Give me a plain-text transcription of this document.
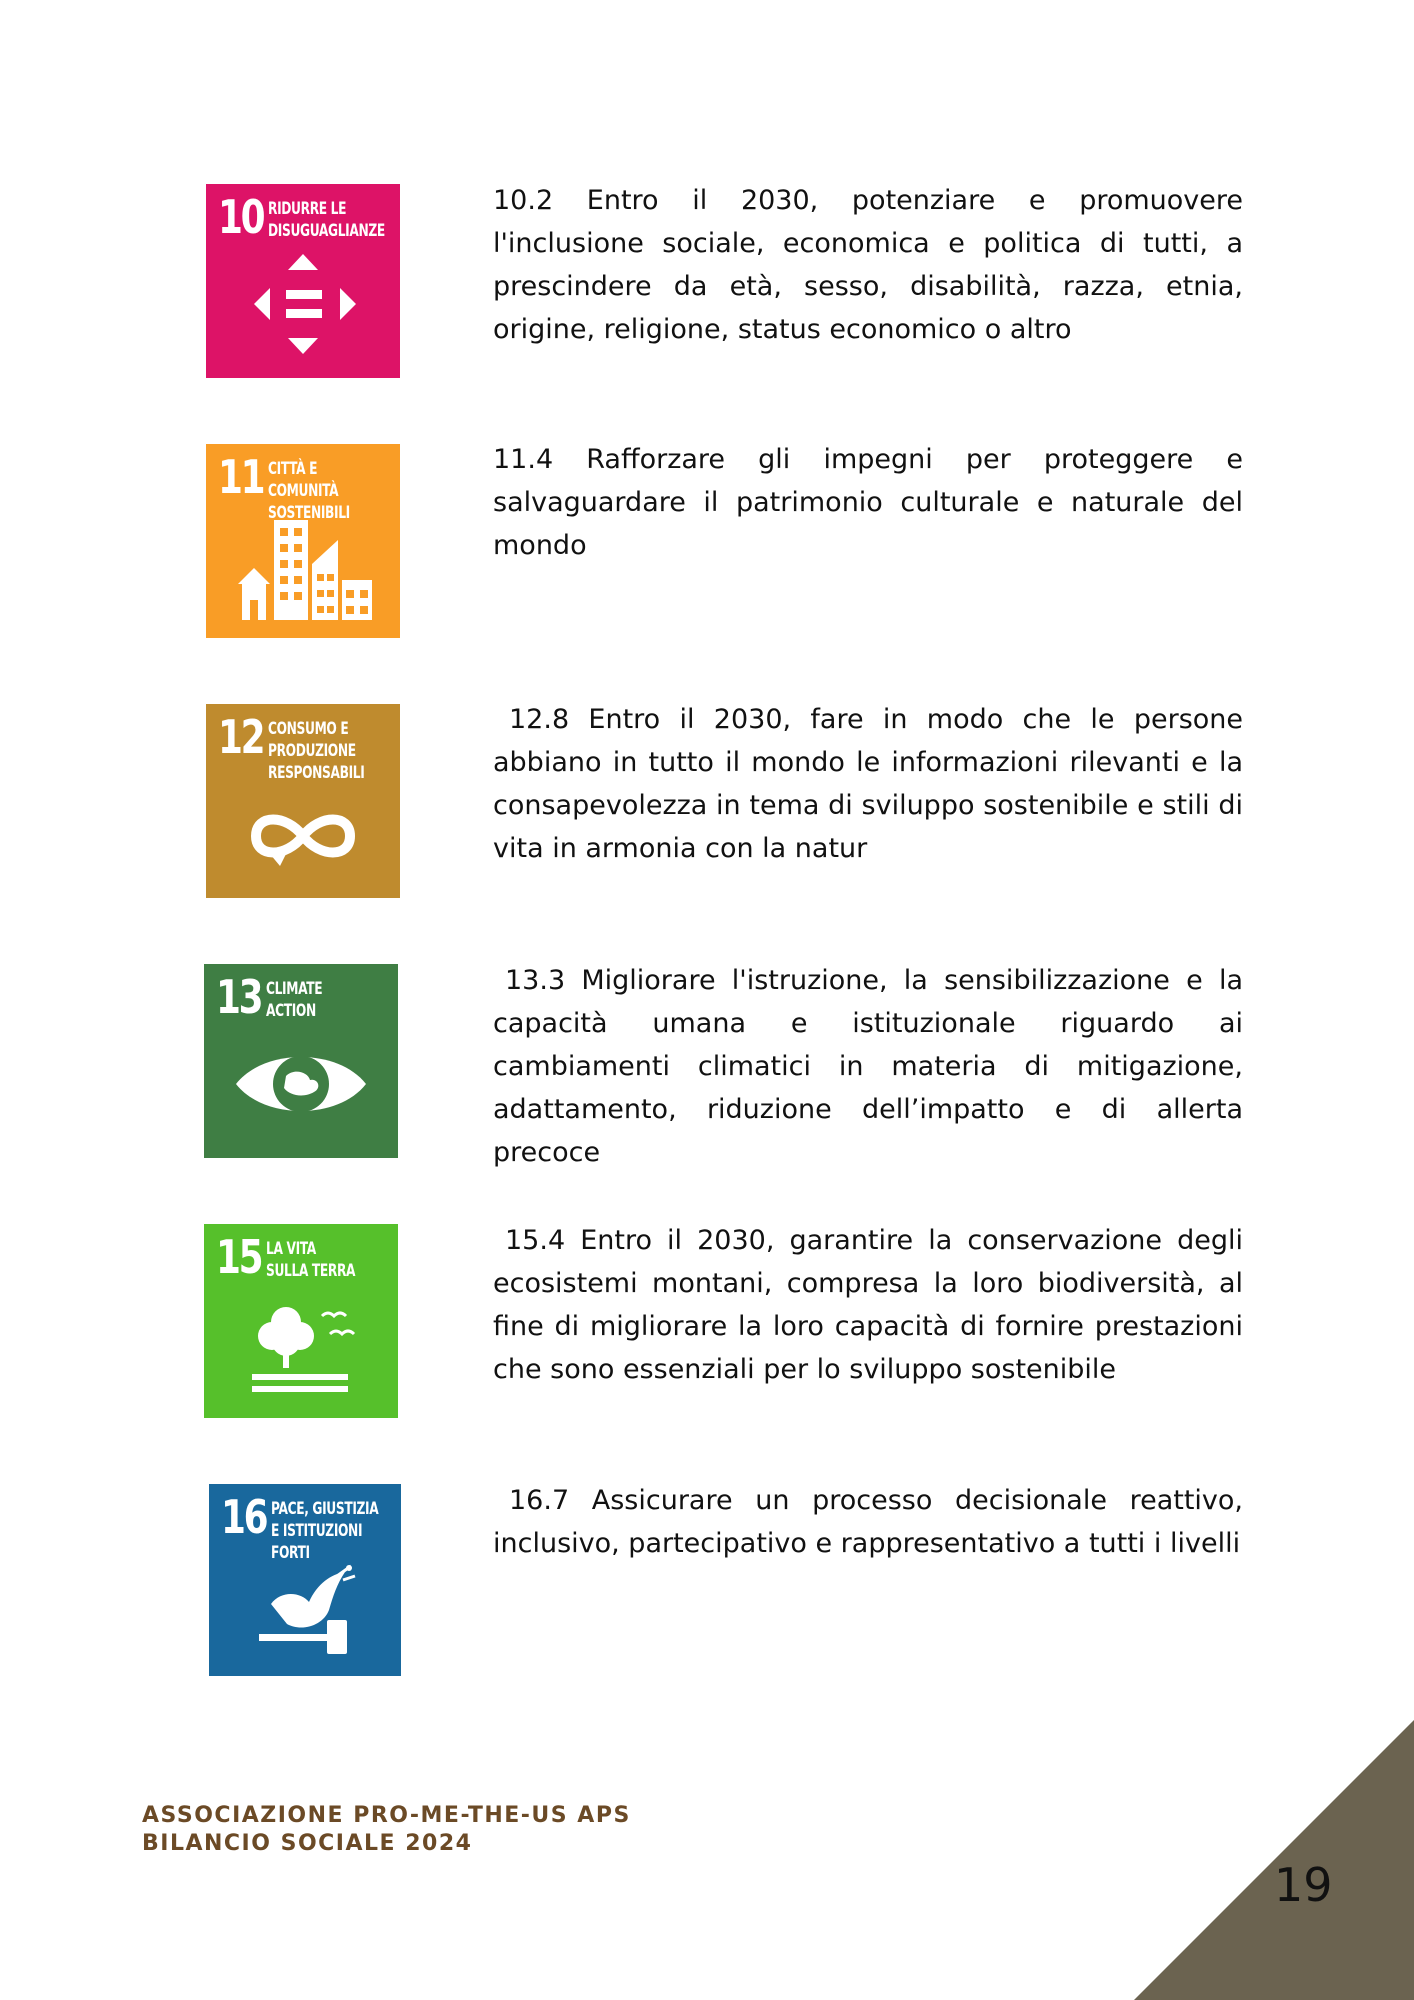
10 RIDURRE LE
DISUGUAGLIANZE

10.2 Entro il 2030, potenziare e promuovere l'inclusione sociale, economica e politica di tutti, a prescindere da età, sesso, disabilità, razza, etnia, origine, religione, status economico o altro

11 CITTÀ E COMUNITÀ
SOSTENIBILI

11.4 Rafforzare gli impegni per proteggere e salvaguardare il patrimonio culturale e naturale del mondo

12 CONSUMO E
PRODUZIONE
RESPONSABILI

12.8 Entro il 2030, fare in modo che le persone abbiano in tutto il mondo le informazioni rilevanti e la consapevolezza in tema di sviluppo sostenibile e stili di vita in armonia con la natur

13 CLIMATE
ACTION

13.3 Migliorare l'istruzione, la sensibilizzazione e la capacità umana e istituzionale riguardo ai cambiamenti climatici in materia di mitigazione, adattamento, riduzione dell’impatto e di allerta precoce

15 LA VITA
SULLA TERRA

15.4 Entro il 2030, garantire la conservazione degli ecosistemi montani, compresa la loro biodiversità, al fine di migliorare la loro capacità di fornire prestazioni che sono essenziali per lo sviluppo sostenibile

16 PACE, GIUSTIZIA
E ISTITUZIONI
FORTI

16.7 Assicurare un processo decisionale reattivo, inclusivo, partecipativo e rappresentativo a tutti i livelli

ASSOCIAZIONE PRO-ME-THE-US APS
BILANCIO SOCIALE 2024
19
